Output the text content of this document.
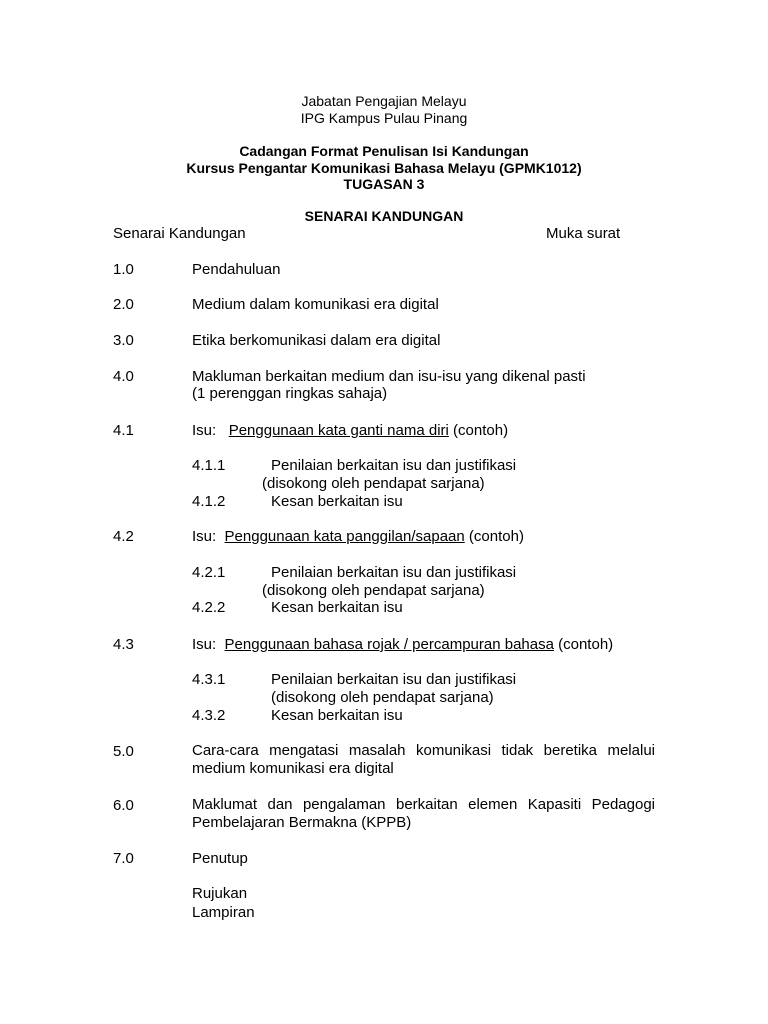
Jabatan Pengajian Melayu
IPG Kampus Pulau Pinang
Cadangan Format Penulisan Isi Kandungan
Kursus Pengantar Komunikasi Bahasa Melayu (GPMK1012)
TUGASAN 3
SENARAI KANDUNGAN
Senarai Kandungan	Muka surat
1.0	Pendahuluan
2.0	Medium dalam komunikasi era digital
3.0	Etika berkomunikasi dalam era digital
4.0	Makluman berkaitan medium dan isu-isu yang dikenal pasti
(1 perenggan ringkas sahaja)
4.1	Isu: Penggunaan kata ganti nama diri (contoh)
4.1.1	Penilaian berkaitan isu dan justifikasi
(disokong oleh pendapat sarjana)
4.1.2	Kesan berkaitan isu
4.2	Isu: Penggunaan kata panggilan/sapaan (contoh)
4.2.1	Penilaian berkaitan isu dan justifikasi
(disokong oleh pendapat sarjana)
4.2.2	Kesan berkaitan isu
4.3	Isu: Penggunaan bahasa rojak / percampuran bahasa (contoh)
4.3.1	Penilaian berkaitan isu dan justifikasi
(disokong oleh pendapat sarjana)
4.3.2	Kesan berkaitan isu
5.0	Cara-cara mengatasi masalah komunikasi tidak beretika melalui medium komunikasi era digital
6.0	Maklumat dan pengalaman berkaitan elemen Kapasiti Pedagogi Pembelajaran Bermakna (KPPB)
7.0	Penutup
Rujukan
Lampiran
